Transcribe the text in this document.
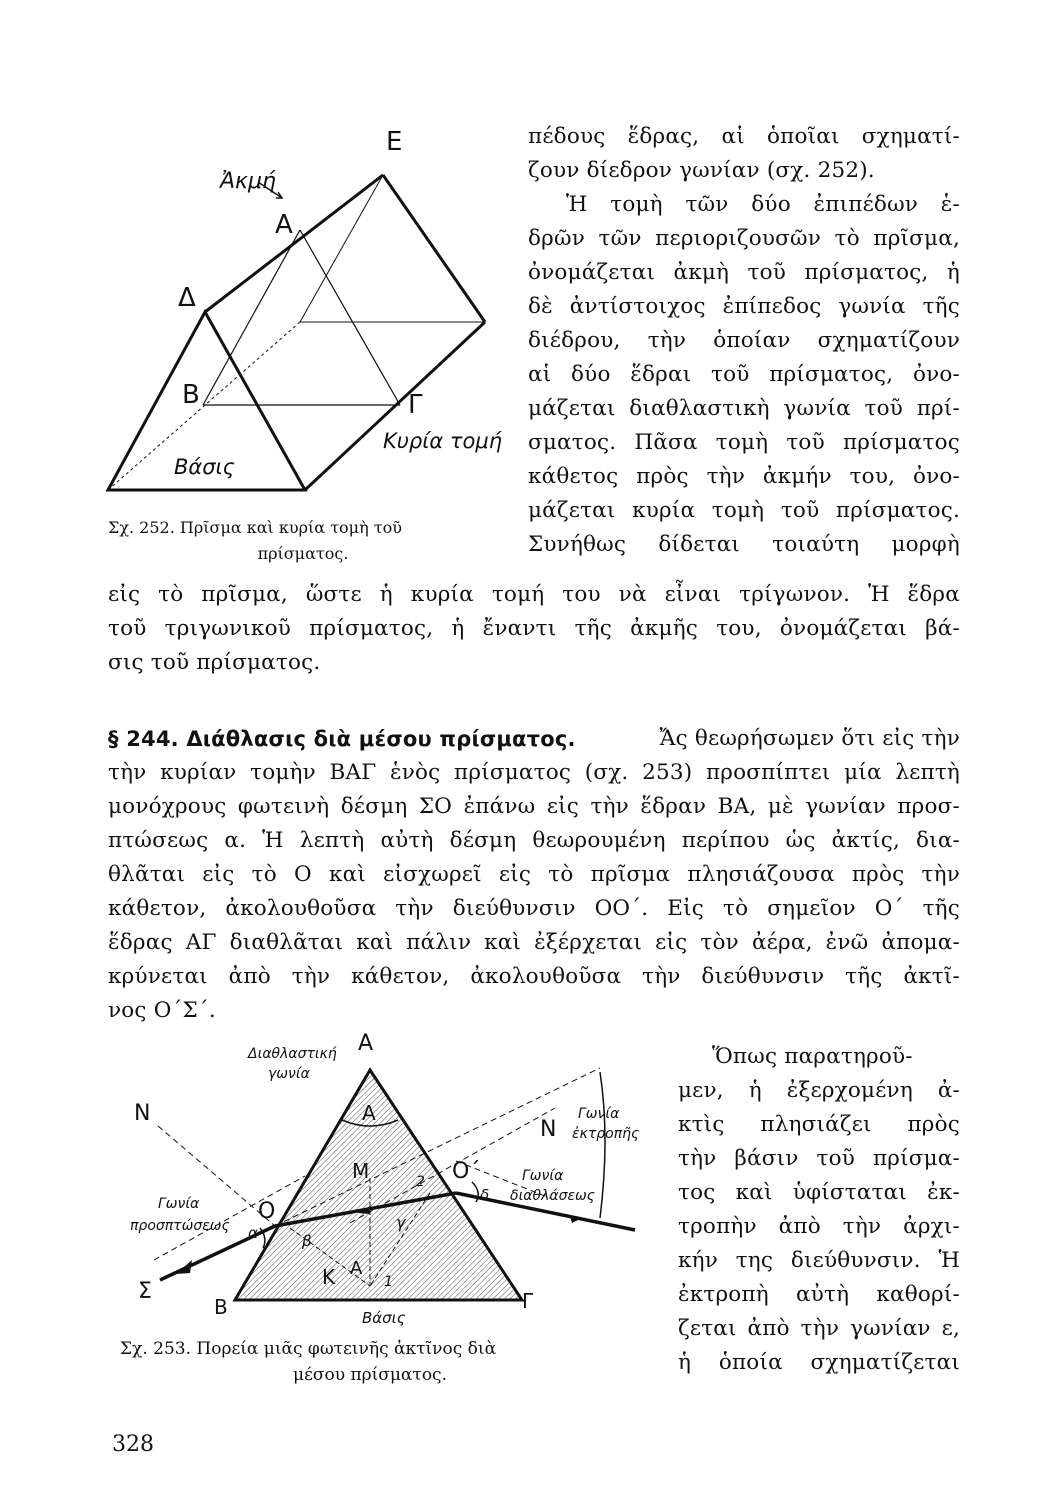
E
Ἀκμή
A
Δ
B	Γ
Κυρία τομή
Βάσις
Σχ. 252. Πρῖσμα καὶ κυρία τομὴ τοῦ
πρίσματος.
πέδους ἕδρας, αἱ ὁποῖαι σχηματί-
ζουν δίεδρον γωνίαν (σχ. 252).
Ἡ τομὴ τῶν δύο ἐπιπέδων ἑ-
δρῶν τῶν περιοριζουσῶν τὸ πρῖσμα,
ὀνομάζεται ἀκμὴ τοῦ πρίσματος, ἡ
δὲ ἀντίστοιχος ἐπίπεδος γωνία τῆς
διέδρου, τὴν ὁποίαν σχηματίζουν
αἱ δύο ἕδραι τοῦ πρίσματος, ὀνο-
μάζεται διαθλαστικὴ γωνία τοῦ πρί-
σματος. Πᾶσα τομὴ τοῦ πρίσματος
κάθετος πρὸς τὴν ἀκμήν του, ὀνο-
μάζεται κυρία τομὴ τοῦ πρίσματος.
Συνήθως δίδεται τοιαύτη μορφὴ
εἰς τὸ πρῖσμα, ὥστε ἡ κυρία τομή του νὰ εἶναι τρίγωνον. Ἡ ἕδρα
τοῦ τριγωνικοῦ πρίσματος, ἡ ἔναντι τῆς ἀκμῆς του, ὀνομάζεται βά-
σις τοῦ πρίσματος.
§ 244. Διάθλασις διὰ μέσου πρίσματος.	Ἄς θεωρήσωμεν ὅτι εἰς τὴν
τὴν κυρίαν τομὴν ΒΑΓ ἑνὸς πρίσματος (σχ. 253) προσπίπτει μία λεπτὴ
μονόχρους φωτεινὴ δέσμη ΣΟ ἐπάνω εἰς τὴν ἕδραν ΒΑ, μὲ γωνίαν προσ-
πτώσεως α. Ἡ λεπτὴ αὐτὴ δέσμη θεωρουμένη περίπου ὡς ἀκτίς, δια-
θλᾶται εἰς τὸ Ο καὶ εἰσχωρεῖ εἰς τὸ πρῖσμα πλησιάζουσα πρὸς τὴν
κάθετον, ἀκολουθοῦσα τὴν διεύθυνσιν ΟΟ΄. Εἰς τὸ σημεῖον Ο΄ τῆς
ἕδρας ΑΓ διαθλᾶται καὶ πάλιν καὶ ἐξέρχεται εἰς τὸν ἀέρα, ἐνῶ ἀπομα-
κρύνεται ἀπὸ τὴν κάθετον, ἀκολουθοῦσα τὴν διεύθυνσιν τῆς ἀκτῖ-
νος Ο΄Σ΄.
A
Διαθλαστική
γωνία
A
M
N
N
Γωνία
ἐκτροπῆς
Γωνία
διαθλάσεως
O΄
δ
2
γ
O
Γωνία
προσπτώσεως α	β
K A
1
Σ
B	Γ
Βάσις
Σχ. 253. Πορεία μιᾶς φωτεινῆς ἀκτῖνος διὰ
μέσου πρίσματος.
Ὅπως παρατηροῦ-
μεν, ἡ ἐξερχομένη ἀ-
κτὶς πλησιάζει πρὸς
τὴν βάσιν τοῦ πρίσμα-
τος καὶ ὑφίσταται ἐκ-
τροπὴν ἀπὸ τὴν ἀρχι-
κήν της διεύθυνσιν. Ἡ
ἐκτροπὴ αὐτὴ καθορί-
ζεται ἀπὸ τὴν γωνίαν ε,
ἡ ὁποία σχηματίζεται
328
